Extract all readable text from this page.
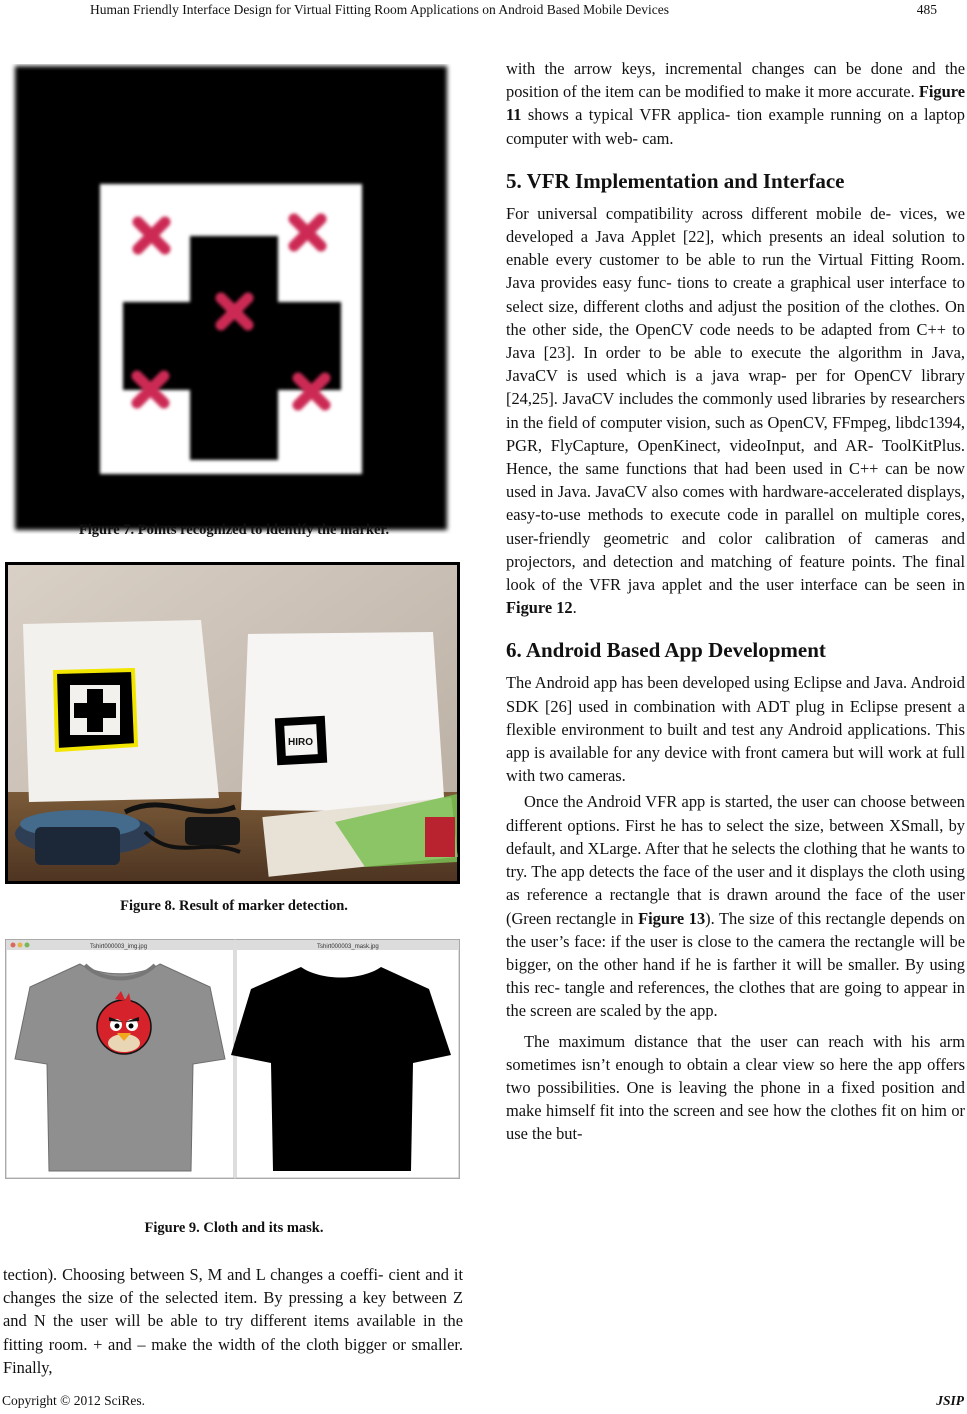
Human Friendly Interface Design for Virtual Fitting Room Applications on Android Based Mobile Devices	485
Figure 7. Points recognized to identify the marker.
HIRO
Figure 8. Result of marker detection.
Tshirt000003_img.jpg	Tshirt000003_mask.jpg
Figure 9. Cloth and its mask.

tection). Choosing between S, M and L changes a coeffi- cient and it changes the size of the selected item. By pressing a key between Z and N the user will be able to try different items available in the fitting room. + and – make the width of the cloth bigger or smaller. Finally,

with the arrow keys, incremental changes can be done and the position of the item can be modified to make it more accurate. Figure 11 shows a typical VFR applica- tion example running on a laptop computer with web- cam.

5. VFR Implementation and Interface

For universal compatibility across different mobile de- vices, we developed a Java Applet [22], which presents an ideal solution to enable every customer to be able to run the Virtual Fitting Room. Java provides easy func- tions to create a graphical user interface to select size, different cloths and adjust the position of the clothes. On the other side, the OpenCV code needs to be adapted from C++ to Java [23]. In order to be able to execute the algorithm in Java, JavaCV is used which is a java wrap- per for OpenCV library [24,25]. JavaCV includes the commonly used libraries by researchers in the field of computer vision, such as OpenCV, FFmpeg, libdc1394, PGR, FlyCapture, OpenKinect, videoInput, and AR- ToolKitPlus. Hence, the same functions that had been used in C++ can be now used in Java. JavaCV also comes with hardware-accelerated displays, easy-to-use methods to execute code in parallel on multiple cores, user-friendly geometric and color calibration of cameras and projectors, and detection and matching of feature points. The final look of the VFR java applet and the user interface can be seen in Figure 12.

6. Android Based App Development

The Android app has been developed using Eclipse and Java. Android SDK [26] used in combination with ADT plug in Eclipse present a flexible environment to built and test any Android applications. This app is available for any device with front camera but will work at full with two cameras.

Once the Android VFR app is started, the user can choose between different options. First he has to select the size, between XSmall, by default, and XLarge. After that he selects the clothing that he wants to try. The app detects the face of the user and it displays the cloth using as reference a rectangle that is drawn around the face of the user (Green rectangle in Figure 13). The size of this rectangle depends on the user’s face: if the user is close to the camera the rectangle will be bigger, on the other hand if he is farther it will be smaller. By using this rec- tangle and references, the clothes that are going to appear in the screen are scaled by the app.

The maximum distance that the user can reach with his arm sometimes isn’t enough to obtain a clear view so here the app offers two possibilities. One is leaving the phone in a fixed position and make himself fit into the screen and see how the clothes fit on him or use the but-

Copyright © 2012 SciRes.	JSIP
